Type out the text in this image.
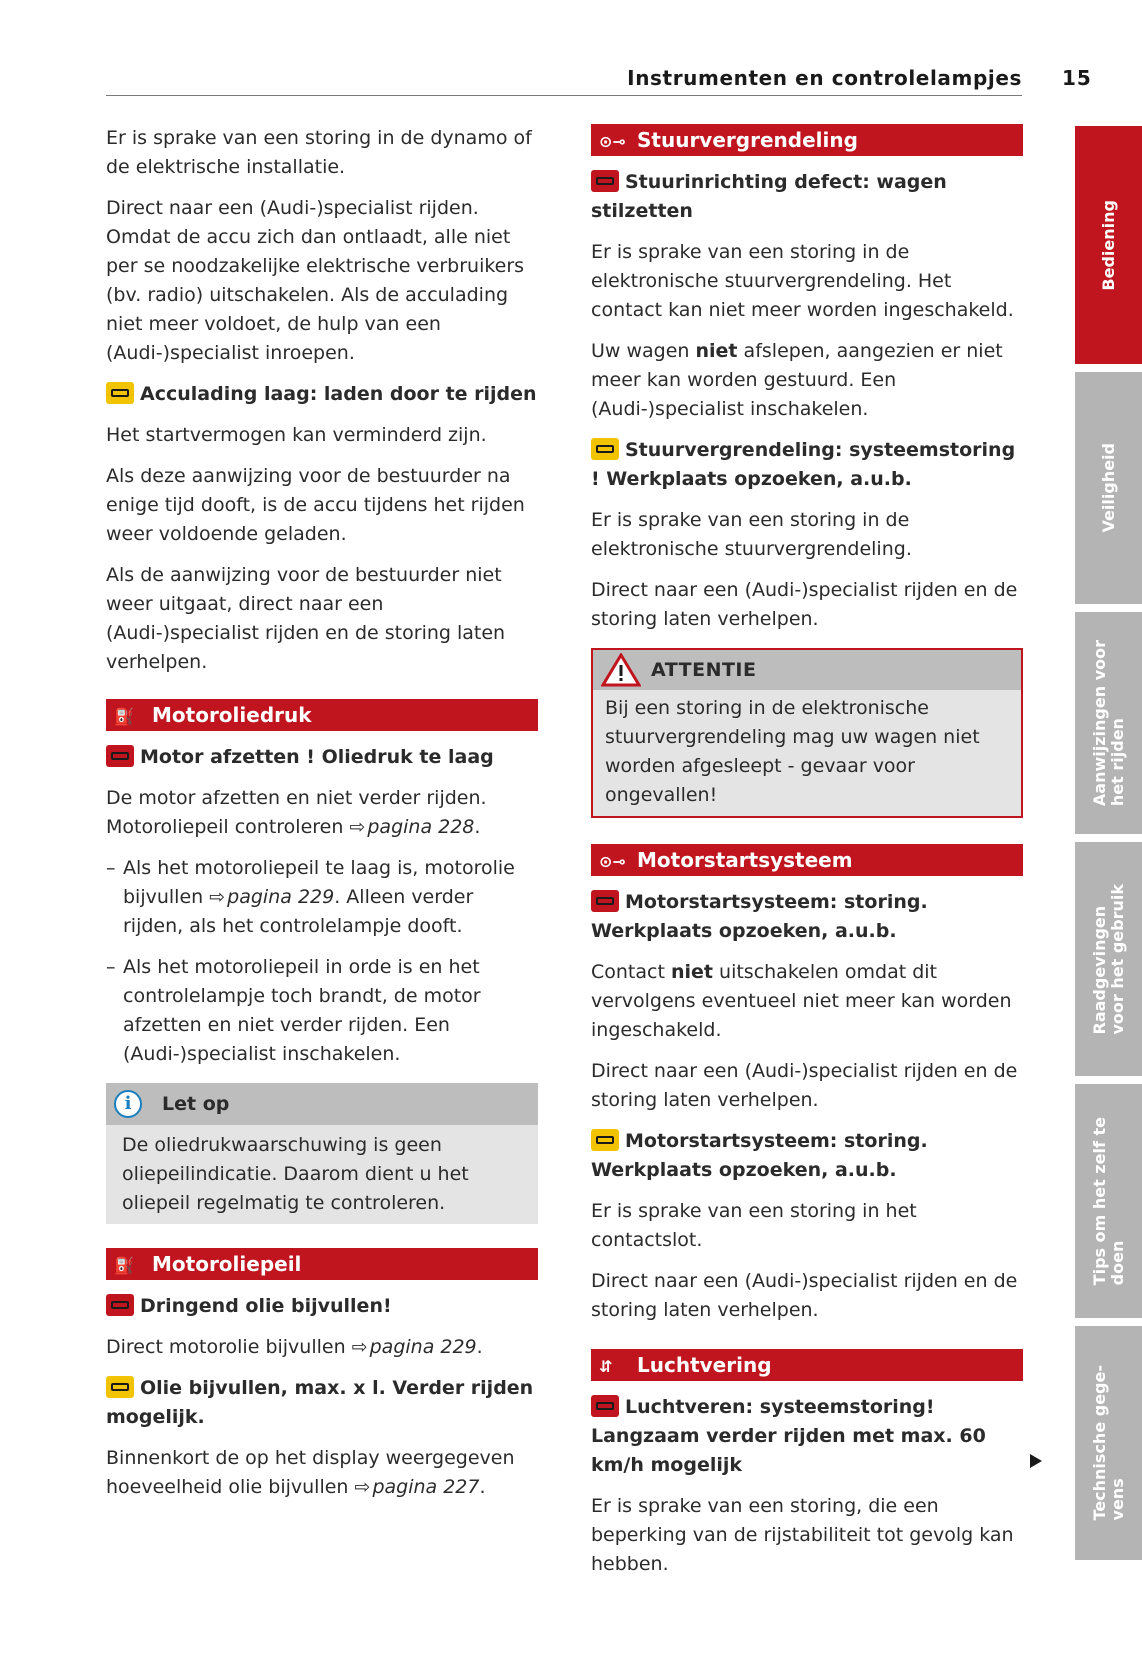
Instrumenten en controlelampjes 15

Er is sprake van een storing in de dynamo of de elektrische installatie.

Direct naar een (Audi-)specialist rijden. Omdat de accu zich dan ontlaadt, alle niet per se noodzakelijke elektrische verbruikers (bv. radio) uitschakelen. Als de acculading niet meer voldoet, de hulp van een (Audi-)specialist inroepen.

Acculading laag: laden door te rijden

Het startvermogen kan verminderd zijn.

Als deze aanwijzing voor de bestuurder na enige tijd dooft, is de accu tijdens het rijden weer voldoende geladen.

Als de aanwijzing voor de bestuurder niet weer uitgaat, direct naar een (Audi-)specialist rijden en de storing laten verhelpen.

⛽ Motoroliedruk
Motor afzetten ! Oliedruk te laag

De motor afzetten en niet verder rijden. Motoroliepeil controleren ⇨ pagina 228.

– Als het motoroliepeil te laag is, motorolie bijvullen ⇨ pagina 229. Alleen verder rijden, als het controlelampje dooft.

– Als het motoroliepeil in orde is en het controlelampje toch brandt, de motor afzetten en niet verder rijden. Een (Audi-)specialist inschakelen.

i	Let op

De oliedrukwaarschuwing is geen oliepeilindicatie. Daarom dient u het oliepeil regelmatig te controleren.

⛽ Motoroliepeil
Dringend olie bijvullen!

Direct motorolie bijvullen ⇨ pagina 229.

Olie bijvullen, max. x l. Verder rijden mogelijk.

Binnenkort de op het display weergegeven hoeveelheid olie bijvullen ⇨ pagina 227.

⊙⊸ Stuurvergrendeling
Stuurinrichting defect: wagen stilzetten

Er is sprake van een storing in de elektronische stuurvergrendeling. Het contact kan niet meer worden ingeschakeld.

Uw wagen niet afslepen, aangezien er niet meer kan worden gestuurd. Een (Audi-)specialist inschakelen.

Stuurvergrendeling: systeemstoring ! Werkplaats opzoeken, a.u.b.

Er is sprake van een storing in de elektronische stuurvergrendeling.

Direct naar een (Audi-)specialist rijden en de storing laten verhelpen.

ATTENTIE

Bij een storing in de elektronische stuurvergrendeling mag uw wagen niet worden afgesleept - gevaar voor ongevallen!

⊙⊸ Motorstartsysteem
Motorstartsysteem: storing. Werkplaats opzoeken, a.u.b.

Contact niet uitschakelen omdat dit vervolgens eventueel niet meer kan worden ingeschakeld.

Direct naar een (Audi-)specialist rijden en de storing laten verhelpen.

Motorstartsysteem: storing. Werkplaats opzoeken, a.u.b.

Er is sprake van een storing in het contactslot.

Direct naar een (Audi-)specialist rijden en de storing laten verhelpen.

⇵ Luchtvering
Luchtveren: systeemstoring! Langzaam verder rijden met max. 60 km/h mogelijk

Er is sprake van een storing, die een beperking van de rijstabiliteit tot gevolg kan hebben.

Bediening
Veiligheid
Aanwijzingen voor
het rijden
Raadgevingen
voor het gebruik
Tips om het zelf te
doen
Technische gege-
vens
